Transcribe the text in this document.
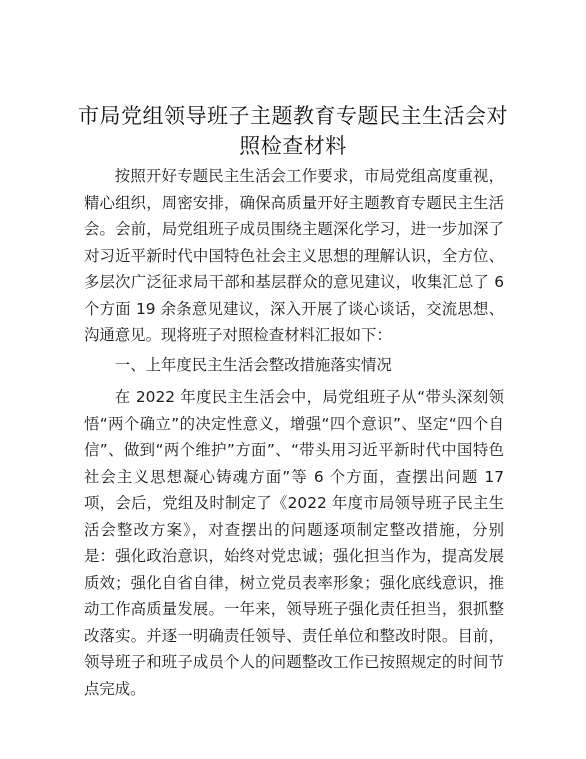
市局党组领导班子主题教育专题民主生活会对照检查材料

按照开好专题民主生活会工作要求，市局党组高度重视，精心组织，周密安排，确保高质量开好主题教育专题民主生活会。会前，局党组班子成员围绕主题深化学习，进一步加深了对习近平新时代中国特色社会主义思想的理解认识，全方位、多层次广泛征求局干部和基层群众的意见建议，收集汇总了 6 个方面 19 余条意见建议，深入开展了谈心谈话，交流思想、沟通意见。现将班子对照检查材料汇报如下：

一、上年度民主生活会整改措施落实情况

在 2022 年度民主生活会中，局党组班子从“带头深刻领悟“两个确立”的决定性意义，增强“四个意识”、坚定“四个自信”、做到“两个维护”方面”、“带头用习近平新时代中国特色社会主义思想凝心铸魂方面”等 6 个方面，查摆出问题 17 项，会后，党组及时制定了《2022 年度市局领导班子民主生活会整改方案》，对查摆出的问题逐项制定整改措施，分别是：强化政治意识，始终对党忠诚；强化担当作为，提高发展质效；强化自省自律，树立党员表率形象；强化底线意识，推动工作高质量发展。一年来，领导班子强化责任担当，狠抓整改落实。并逐一明确责任领导、责任单位和整改时限。目前，领导班子和班子成员个人的问题整改工作已按照规定的时间节点完成。
